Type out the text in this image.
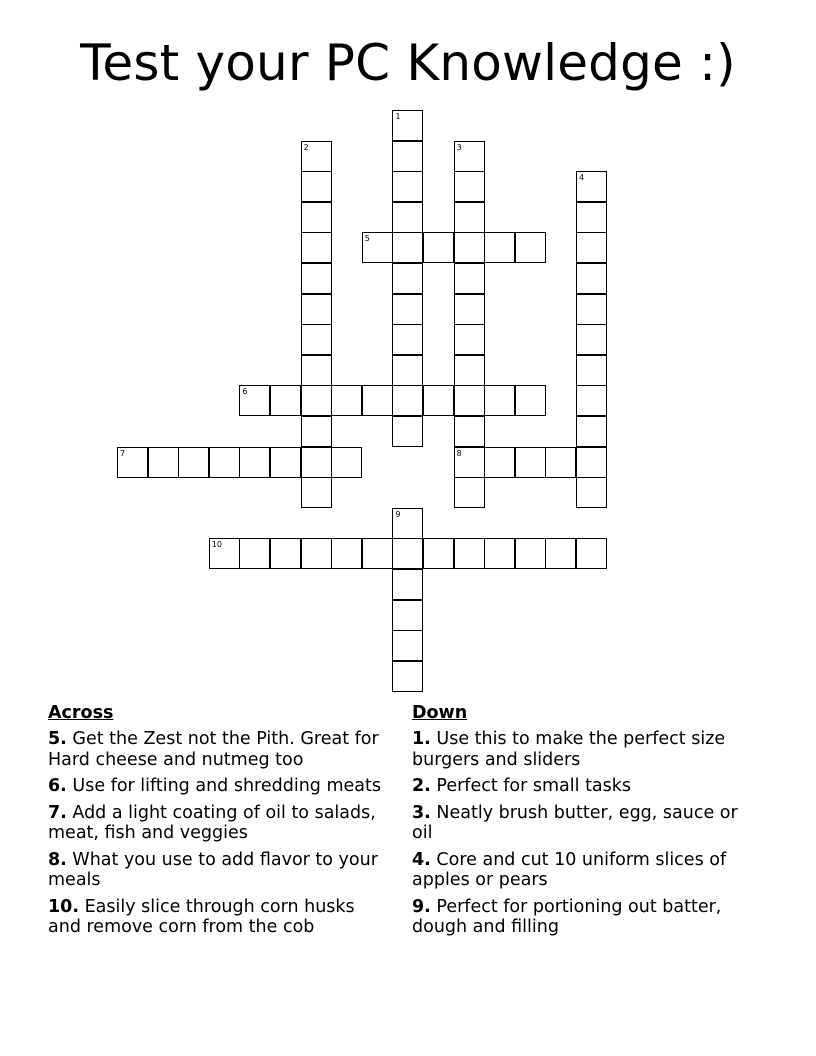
Test your PC Knowledge :)
1
2	3
8
4
5
6
7
9
10
Across
5. Get the Zest not the Pith. Great for Hard cheese and nutmeg too
6. Use for lifting and shredding meats
7. Add a light coating of oil to salads, meat, fish and veggies
8. What you use to add flavor to your meals
10. Easily slice through corn husks and remove corn from the cob
Down
1. Use this to make the perfect size burgers and sliders
2. Perfect for small tasks
3. Neatly brush butter, egg, sauce or oil
4. Core and cut 10 uniform slices of apples or pears
9. Perfect for portioning out batter, dough and filling
